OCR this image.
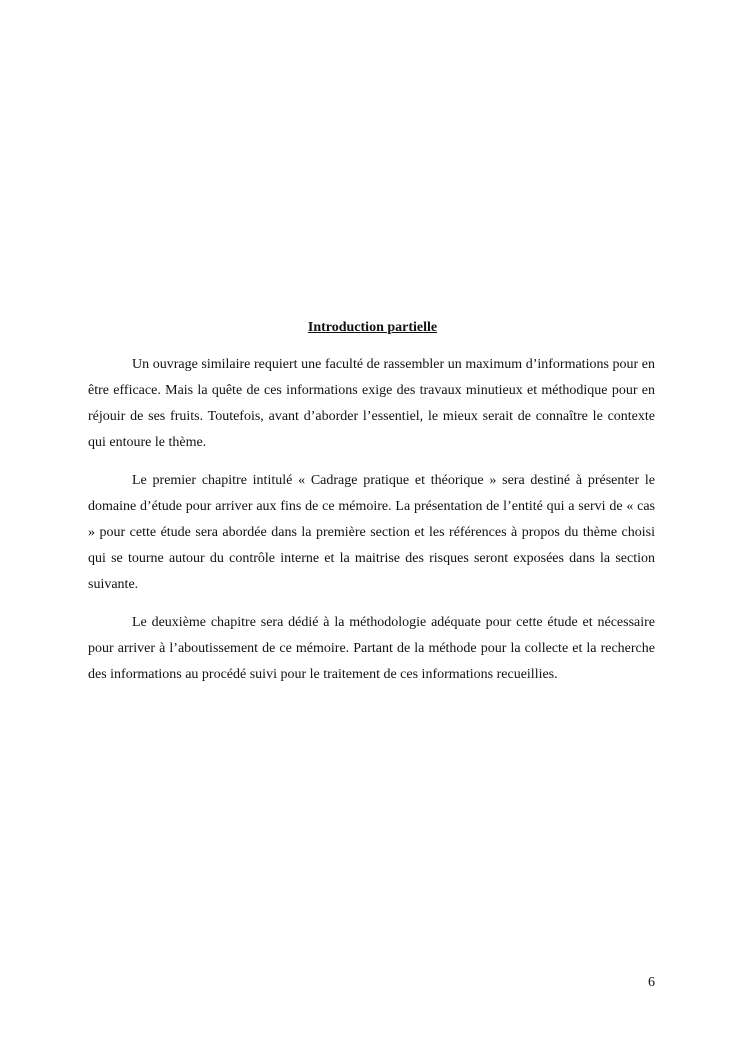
Introduction partielle

Un ouvrage similaire requiert une faculté de rassembler un maximum d’informations pour en être efficace. Mais la quête de ces informations exige des travaux minutieux et méthodique pour en réjouir de ses fruits. Toutefois, avant d’aborder l’essentiel, le mieux serait de connaître le contexte qui entoure le thème.

Le premier chapitre intitulé « Cadrage pratique et théorique » sera destiné à présenter le domaine d’étude pour arriver aux fins de ce mémoire. La présentation de l’entité qui a servi de « cas » pour cette étude sera abordée dans la première section et les références à propos du thème choisi qui se tourne autour du contrôle interne et la maitrise des risques seront exposées dans la section suivante.

Le deuxième chapitre sera dédié à la méthodologie adéquate pour cette étude et nécessaire pour arriver à l’aboutissement de ce mémoire. Partant de la méthode pour la collecte et la recherche des informations au procédé suivi pour le traitement de ces informations recueillies.

6
